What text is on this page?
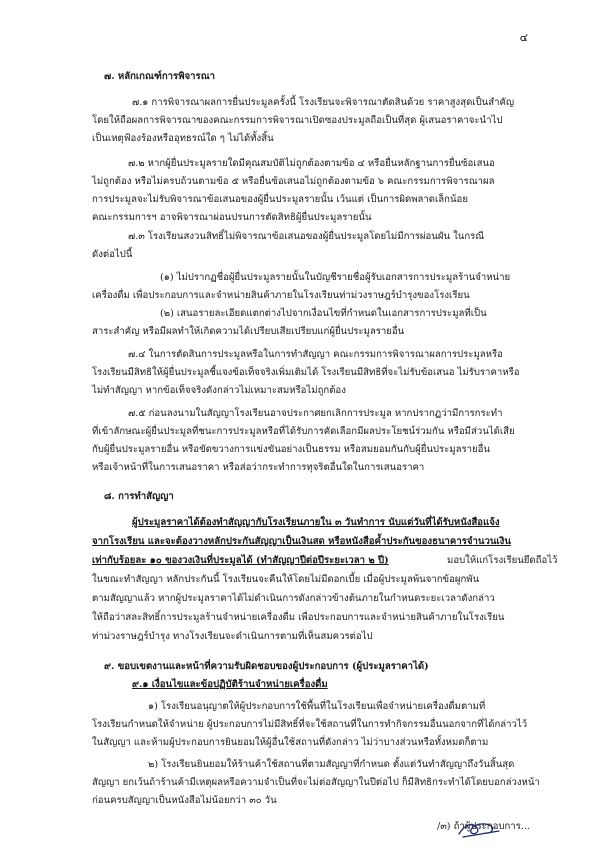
๔
๗. หลักเกณฑ์การพิจารณา
๗.๑ การพิจารณาผลการยื่นประมูลครั้งนี้ โรงเรียนจะพิจารณาตัดสินด้วย ราคาสูงสุดเป็นสำคัญ
โดยให้ถือผลการพิจารณาของคณะกรรมการพิจารณาเปิดซองประมูลถือเป็นที่สุด ผู้เสนอราคาจะนำไป
เป็นเหตุฟ้องร้องหรืออุทธรณ์ใด ๆ ไม่ได้ทั้งสิ้น
๗.๒ หากผู้ยื่นประมูลรายใดมีคุณสมบัติไม่ถูกต้องตามข้อ ๔ หรือยื่นหลักฐานการยื่นซ้อเสนอ
ไม่ถูกต้อง หรือไม่ครบถ้วนตามข้อ ๕ หรือยื่นซ้อเสนอไม่ถูกต้องตามข้อ ๖ คณะกรรมการพิจารณาผล
การประมูลจะไม่รับพิจารณาข้อเสนอของผู้ยื่นประมูลรายนั้น เว้นแต่ เป็นการผิดพลาดเล็กน้อย
คณะกรรมการฯ อาจพิจารณาผ่อนปรนการตัดสิทธิผู้ยื่นประมูลรายนั้น
๗.๓ โรงเรียนสงวนสิทธิ์ไม่พิจารณาข้อเสนอของผู้ยื่นประมูลโดยไม่มีการผ่อนผัน ในกรณี
ดังต่อไปนี้
(๑) ไม่ปรากฏชื่อผู้ยื่นประมูลรายนั้นในบัญชีรายชื่อผู้รับเอกสารการประมูลร้านจำหน่าย
เครื่องดื่ม เพื่อประกอบการและจำหน่ายสินค้าภายในโรงเรียนท่าม่วงราษฎร์บำรุงของโรงเรียน
(๒) เสนอรายละเอียดแตกต่างไปจากเงื่อนไขที่กำหนดในเอกสารการประมูลที่เป็น
สาระสำคัญ หรือมีผลทำให้เกิดความได้เปรียบเสียเปรียบแก่ผู้ยื่นประมูลรายอื่น
๗.๔ ในการตัดสินการประมูลหรือในการทำสัญญา คณะกรรมการพิจารณาผลการประมูลหรือ
โรงเรียนมีสิทธิให้ผู้ยื่นประมูลชี้แจงข้อเท็จจริงเพิ่มเติมได้ โรงเรียนมีสิทธิที่จะไม่รับข้อเสนอ ไม่รับราคาหรือ
ไม่ทำสัญญา หากข้อเท็จจริงดังกล่าวไม่เหมาะสมหรือไม่ถูกต้อง
๗.๕ ก่อนลงนามในสัญญาโรงเรียนอาจประกาศยกเลิกการประมูล หากปรากฏว่ามีการกระทำ
ที่เข้าลักษณะผู้ยื่นประมูลที่ชนะการประมูลหรือที่ได้รับการคัดเลือกมีผลประโยชน์ร่วมกัน หรือมีส่วนได้เสีย
กับผู้ยื่นประมูลรายอื่น หรือขัดขวางการแข่งขันอย่างเป็นธรรม หรือสมยอมกันกับผู้ยื่นประมูลรายอื่น
หรือเจ้าหน้าที่ในการเสนอราคา หรือส่อว่ากระทำการทุจริตอื่นใดในการเสนอราคา
๘. การทำสัญญา
ผู้ประมูลราคาได้ต้องทำสัญญากับโรงเรียนภายใน ๓ วันทำการ นับแต่วันที่ได้รับหนังสือแจ้ง
จากโรงเรียน และจะต้องวางหลักประกันสัญญาเป็นเงินสด หรือหนังสือค้ำประกันของธนาคารจำนวนเงิน
เท่ากับร้อยละ ๑๐ ของวงเงินที่ประมูลได้ (ทำสัญญาปีต่อปีระยะเวลา ๒ ปี)	มอบให้แก่โรงเรียนยึดถือไว้
ในขณะทำสัญญา หลักประกันนี้ โรงเรียนจะคืนให้โดยไม่มีดอกเบี้ย เมื่อผู้ประมูลพ้นจากข้อผูกพัน
ตามสัญญาแล้ว หากผู้ประมูลราคาได้ไม่ดำเนินการดังกล่าวข้างต้นภายในกำหนดระยะเวลาดังกล่าว
ให้ถือว่าสละสิทธิ์การประมูลร้านจำหน่ายเครื่องดื่ม เพื่อประกอบการและจำหน่ายสินค้าภายในโรงเรียน
ท่าม่วงราษฎร์บำรุง ทางโรงเรียนจะดำเนินการตามที่เห็นสมควรต่อไป
๙. ขอบเขตงานและหน้าที่ความรับผิดชอบของผู้ประกอบการ (ผู้ประมูลราคาได้)
๙.๑ เงื่อนไขและข้อปฏิบัติร้านจำหน่ายเครื่องดื่ม
๑) โรงเรียนอนุญาตให้ผู้ประกอบการใช้พื้นที่ในโรงเรียนเพื่อจำหน่ายเครื่องดื่มตามที่
โรงเรียนกำหนดให้จำหน่าย ผู้ประกอบการไม่มีสิทธิ์ที่จะใช้สถานที่ในการทำกิจกรรมอื่นนอกจากที่ได้กล่าวไว้
ในสัญญา และห้ามผู้ประกอบการยินยอมให้ผู้อื่นใช้สถานที่ดังกล่าว ไม่ว่าบางส่วนหรือทั้งหมดก็ตาม
๒) โรงเรียนยินยอมให้ร้านค้าใช้สถานที่ตามสัญญาที่กำหนด ตั้งแต่วันทำสัญญาถึงวันสิ้นสุด
สัญญา ยกเว้นถ้าร้านค้ามีเหตุผลหรือความจำเป็นที่จะไม่ต่อสัญญาในปีต่อไป ก็มีสิทธิกระทำได้โดยบอกล่วงหน้า
ก่อนครบสัญญาเป็นหนังสือไม่น้อยกว่า ๓๐ วัน
/๓) ถ้าผู้ประกอบการ...
